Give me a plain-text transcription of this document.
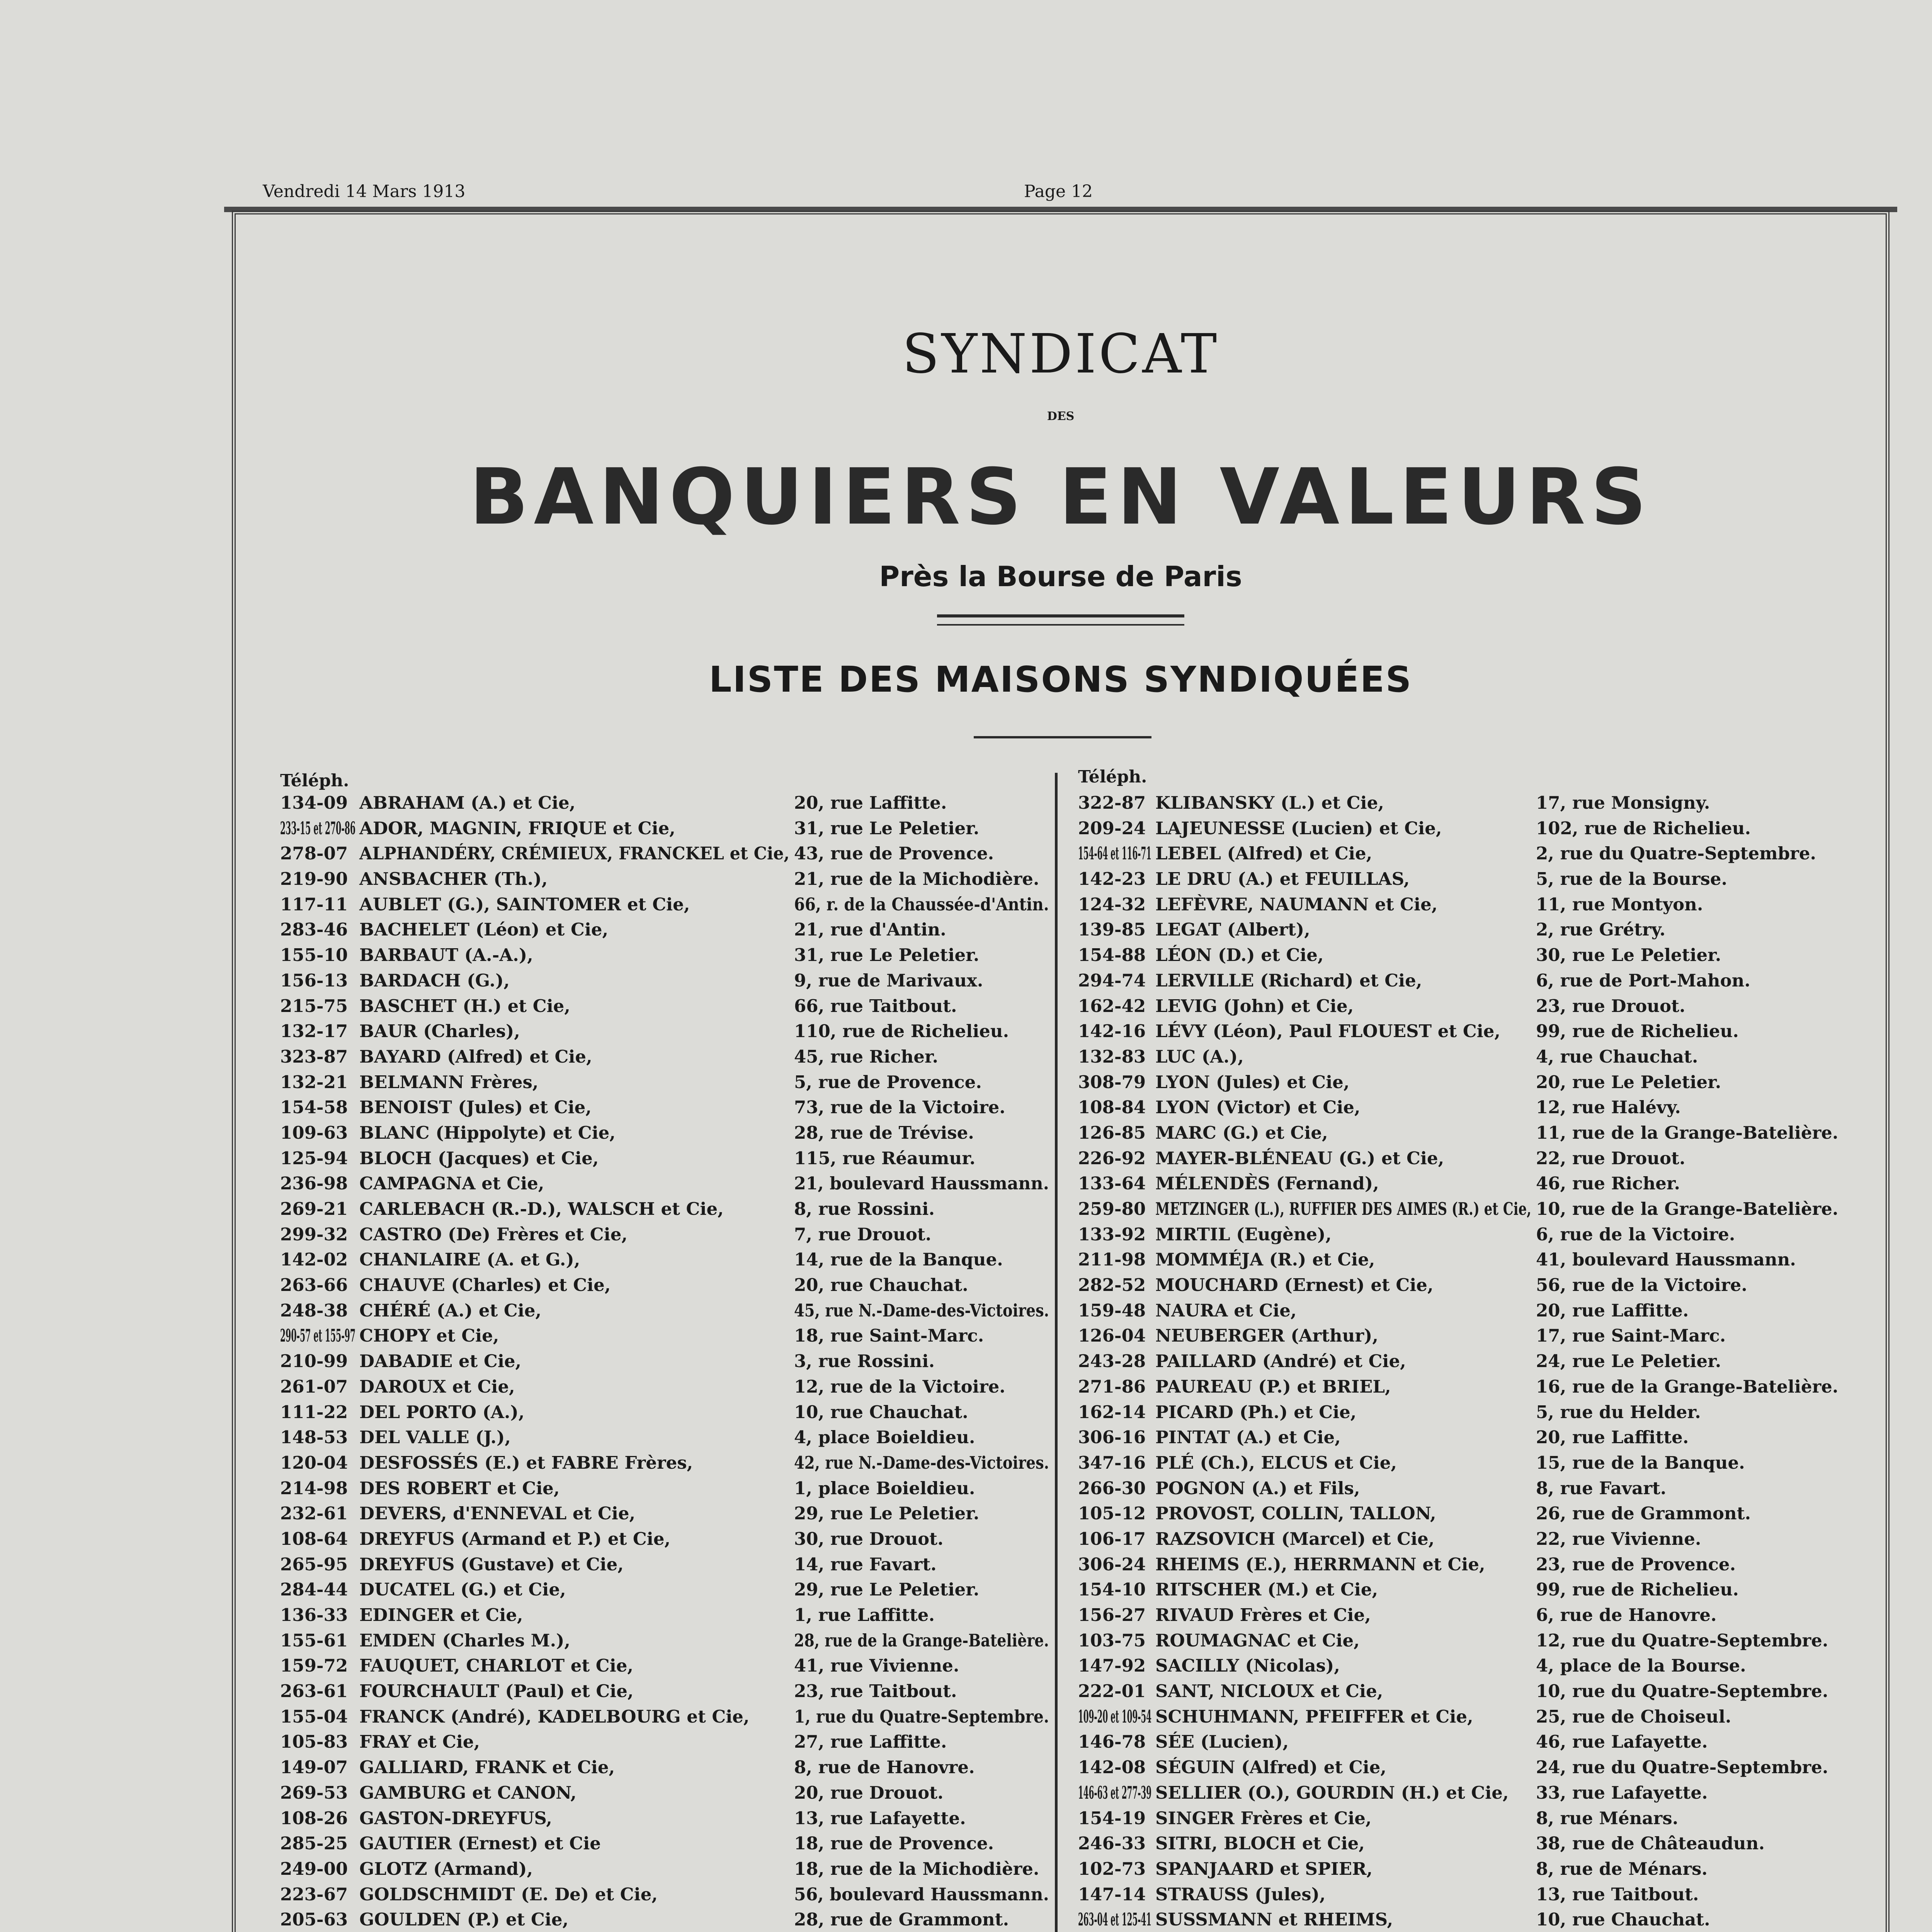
Vendredi 14 Mars 1913	Page 12
SYNDICAT
DES
BANQUIERS EN VALEURS
Près la Bourse de Paris
LISTE DES MAISONS SYNDIQUÉES
Téléph.	Téléph.
134-09 ABRAHAM (A.) et Cie,	20, rue Laffitte.
233-15 et 270-86 ADOR, MAGNIN, FRIQUE et Cie,	31, rue Le Peletier.
278-07 ALPHANDÉRY, CRÉMIEUX, FRANCKEL et Cie, 43, rue de Provence.
219-90 ANSBACHER (Th.),	21, rue de la Michodière.
117-11 AUBLET (G.), SAINTOMER et Cie,	66, r. de la Chaussée-d'Antin.
283-46 BACHELET (Léon) et Cie,	21, rue d'Antin.
155-10 BARBAUT (A.-A.),	31, rue Le Peletier.
156-13 BARDACH (G.),	9, rue de Marivaux.
215-75 BASCHET (H.) et Cie,	66, rue Taitbout.
132-17 BAUR (Charles),	110, rue de Richelieu.
323-87 BAYARD (Alfred) et Cie,	45, rue Richer.
132-21 BELMANN Frères,	5, rue de Provence.
154-58 BENOIST (Jules) et Cie,	73, rue de la Victoire.
109-63 BLANC (Hippolyte) et Cie,	28, rue de Trévise.
125-94 BLOCH (Jacques) et Cie,	115, rue Réaumur.
236-98 CAMPAGNA et Cie,	21, boulevard Haussmann.
269-21 CARLEBACH (R.-D.), WALSCH et Cie,	8, rue Rossini.
299-32 CASTRO (De) Frères et Cie,	7, rue Drouot.
142-02 CHANLAIRE (A. et G.),	14, rue de la Banque.
263-66 CHAUVE (Charles) et Cie,	20, rue Chauchat.
248-38 CHÉRÉ (A.) et Cie,	45, rue N.-Dame-des-Victoires.
290-57 et 155-97 CHOPY et Cie,	18, rue Saint-Marc.
210-99 DABADIE et Cie,	3, rue Rossini.
261-07 DAROUX et Cie,	12, rue de la Victoire.
111-22 DEL PORTO (A.),	10, rue Chauchat.
148-53 DEL VALLE (J.),	4, place Boieldieu.
120-04 DESFOSSÉS (E.) et FABRE Frères,	42, rue N.-Dame-des-Victoires.
214-98 DES ROBERT et Cie,	1, place Boieldieu.
232-61 DEVERS, d'ENNEVAL et Cie,	29, rue Le Peletier.
108-64 DREYFUS (Armand et P.) et Cie,	30, rue Drouot.
265-95 DREYFUS (Gustave) et Cie,	14, rue Favart.
284-44 DUCATEL (G.) et Cie,	29, rue Le Peletier.
136-33 EDINGER et Cie,	1, rue Laffitte.
155-61 EMDEN (Charles M.),	28, rue de la Grange-Batelière.
159-72 FAUQUET, CHARLOT et Cie,	41, rue Vivienne.
263-61 FOURCHAULT (Paul) et Cie,	23, rue Taitbout.
155-04 FRANCK (André), KADELBOURG et Cie,	1, rue du Quatre-Septembre.
105-83 FRAY et Cie,	27, rue Laffitte.
149-07 GALLIARD, FRANK et Cie,	8, rue de Hanovre.
269-53 GAMBURG et CANON,	20, rue Drouot.
108-26 GASTON-DREYFUS,	13, rue Lafayette.
285-25 GAUTIER (Ernest) et Cie	18, rue de Provence.
249-00 GLOTZ (Armand),	18, rue de la Michodière.
223-67 GOLDSCHMIDT (E. De) et Cie,	56, boulevard Haussmann.
205-63 GOULDEN (P.) et Cie,	28, rue de Grammont.
322-87 KLIBANSKY (L.) et Cie,	17, rue Monsigny.
209-24 LAJEUNESSE (Lucien) et Cie,	102, rue de Richelieu.
154-64 et 116-71 LEBEL (Alfred) et Cie,	2, rue du Quatre-Septembre.
142-23 LE DRU (A.) et FEUILLAS,	5, rue de la Bourse.
124-32 LEFÈVRE, NAUMANN et Cie,	11, rue Montyon.
139-85 LEGAT (Albert),	2, rue Grétry.
154-88 LÉON (D.) et Cie,	30, rue Le Peletier.
294-74 LERVILLE (Richard) et Cie,	6, rue de Port-Mahon.
162-42 LEVIG (John) et Cie,	23, rue Drouot.
142-16 LÉVY (Léon), Paul FLOUEST et Cie, 99, rue de Richelieu.
132-83 LUC (A.),	4, rue Chauchat.
308-79 LYON (Jules) et Cie,	20, rue Le Peletier.
108-84 LYON (Victor) et Cie,	12, rue Halévy.
126-85 MARC (G.) et Cie,	11, rue de la Grange-Batelière.
226-92 MAYER-BLÉNEAU (G.) et Cie,	22, rue Drouot.
133-64 MÉLENDÈS (Fernand),	46, rue Richer.
259-80 METZINGER (L.), RUFFIER DES AIMES (R.) et Cie, 10, rue de la Grange-Batelière.
133-92 MIRTIL (Eugène),	6, rue de la Victoire.
211-98 MOMMÉJA (R.) et Cie,	41, boulevard Haussmann.
282-52 MOUCHARD (Ernest) et Cie,	56, rue de la Victoire.
159-48 NAURA et Cie,	20, rue Laffitte.
126-04 NEUBERGER (Arthur),	17, rue Saint-Marc.
243-28 PAILLARD (André) et Cie,	24, rue Le Peletier.
271-86 PAUREAU (P.) et BRIEL,	16, rue de la Grange-Batelière.
162-14 PICARD (Ph.) et Cie,	5, rue du Helder.
306-16 PINTAT (A.) et Cie,	20, rue Laffitte.
347-16 PLÉ (Ch.), ELCUS et Cie,	15, rue de la Banque.
266-30 POGNON (A.) et Fils,	8, rue Favart.
105-12 PROVOST, COLLIN, TALLON,	26, rue de Grammont.
106-17 RAZSOVICH (Marcel) et Cie,	22, rue Vivienne.
306-24 RHEIMS (E.), HERRMANN et Cie,	23, rue de Provence.
154-10 RITSCHER (M.) et Cie,	99, rue de Richelieu.
156-27 RIVAUD Frères et Cie,	6, rue de Hanovre.
103-75 ROUMAGNAC et Cie,	12, rue du Quatre-Septembre.
147-92 SACILLY (Nicolas),	4, place de la Bourse.
222-01 SANT, NICLOUX et Cie,	10, rue du Quatre-Septembre.
109-20 et 109-54 SCHUHMANN, PFEIFFER et Cie,	25, rue de Choiseul.
146-78 SÉE (Lucien),	46, rue Lafayette.
142-08 SÉGUIN (Alfred) et Cie,	24, rue du Quatre-Septembre.
146-63 et 277-39 SELLIER (O.), GOURDIN (H.) et Cie, 33, rue Lafayette.
154-19 SINGER Frères et Cie,	8, rue Ménars.
246-33 SITRI, BLOCH et Cie,	38, rue de Châteaudun.
102-73 SPANJAARD et SPIER,	8, rue de Ménars.
147-14 STRAUSS (Jules),	13, rue Taitbout.
263-04 et 125-41 SUSSMANN et RHEIMS,	10, rue Chauchat.
